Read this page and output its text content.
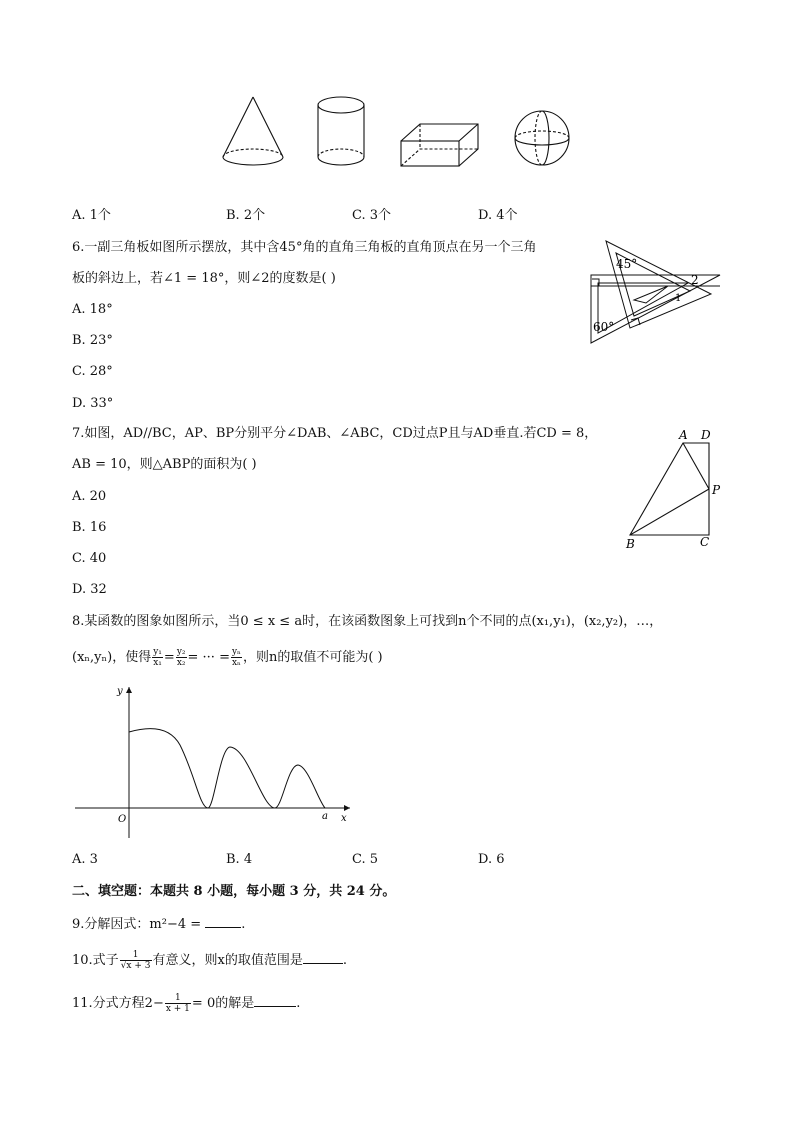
A. 1个	B. 2个	C. 3个	D. 4个
6.一副三角板如图所示摆放，其中含45°角的直角三角板的直角顶点在另一个三角
板的斜边上，若∠1 = 18°，则∠2的度数是( )
A. 18°
B. 23°
C. 28°
D. 33°
45°
60°
2
1
7.如图，AD//BC，AP、BP分别平分∠DAB、∠ABC，CD过点P且与AD垂直.若CD = 8，
AB = 10，则△ABP的面积为( )
A. 20
B. 16
C. 40
D. 32
A D
P
B	C
8.某函数的图象如图所示，当0 ≤ x ≤ a时，在该函数图象上可找到n个不同的点(x₁,y₁)，(x₂,y₂)，…，
(xₙ,yₙ)，使得 $\frac{\text{y₁}}{\text{x₁}} = \frac{\text{y₂}}{\text{x₂}}$ = ··· = $\frac{\text{yₙ}}{\text{xₙ}}$ ，则n的取值不可能为( )
y
x
O	a
A. 3	B. 4	C. 5	D. 6
二、填空题：本题共 8 小题，每小题 3 分，共 24 分。
9.分解因式：m²−4 =	.
10.式子 $\frac{1}{√x + 3}$ 有意义，则x的取值范围是	.
11.分式方程$2- \frac{1}{x + 1} = 0$的解是	.
